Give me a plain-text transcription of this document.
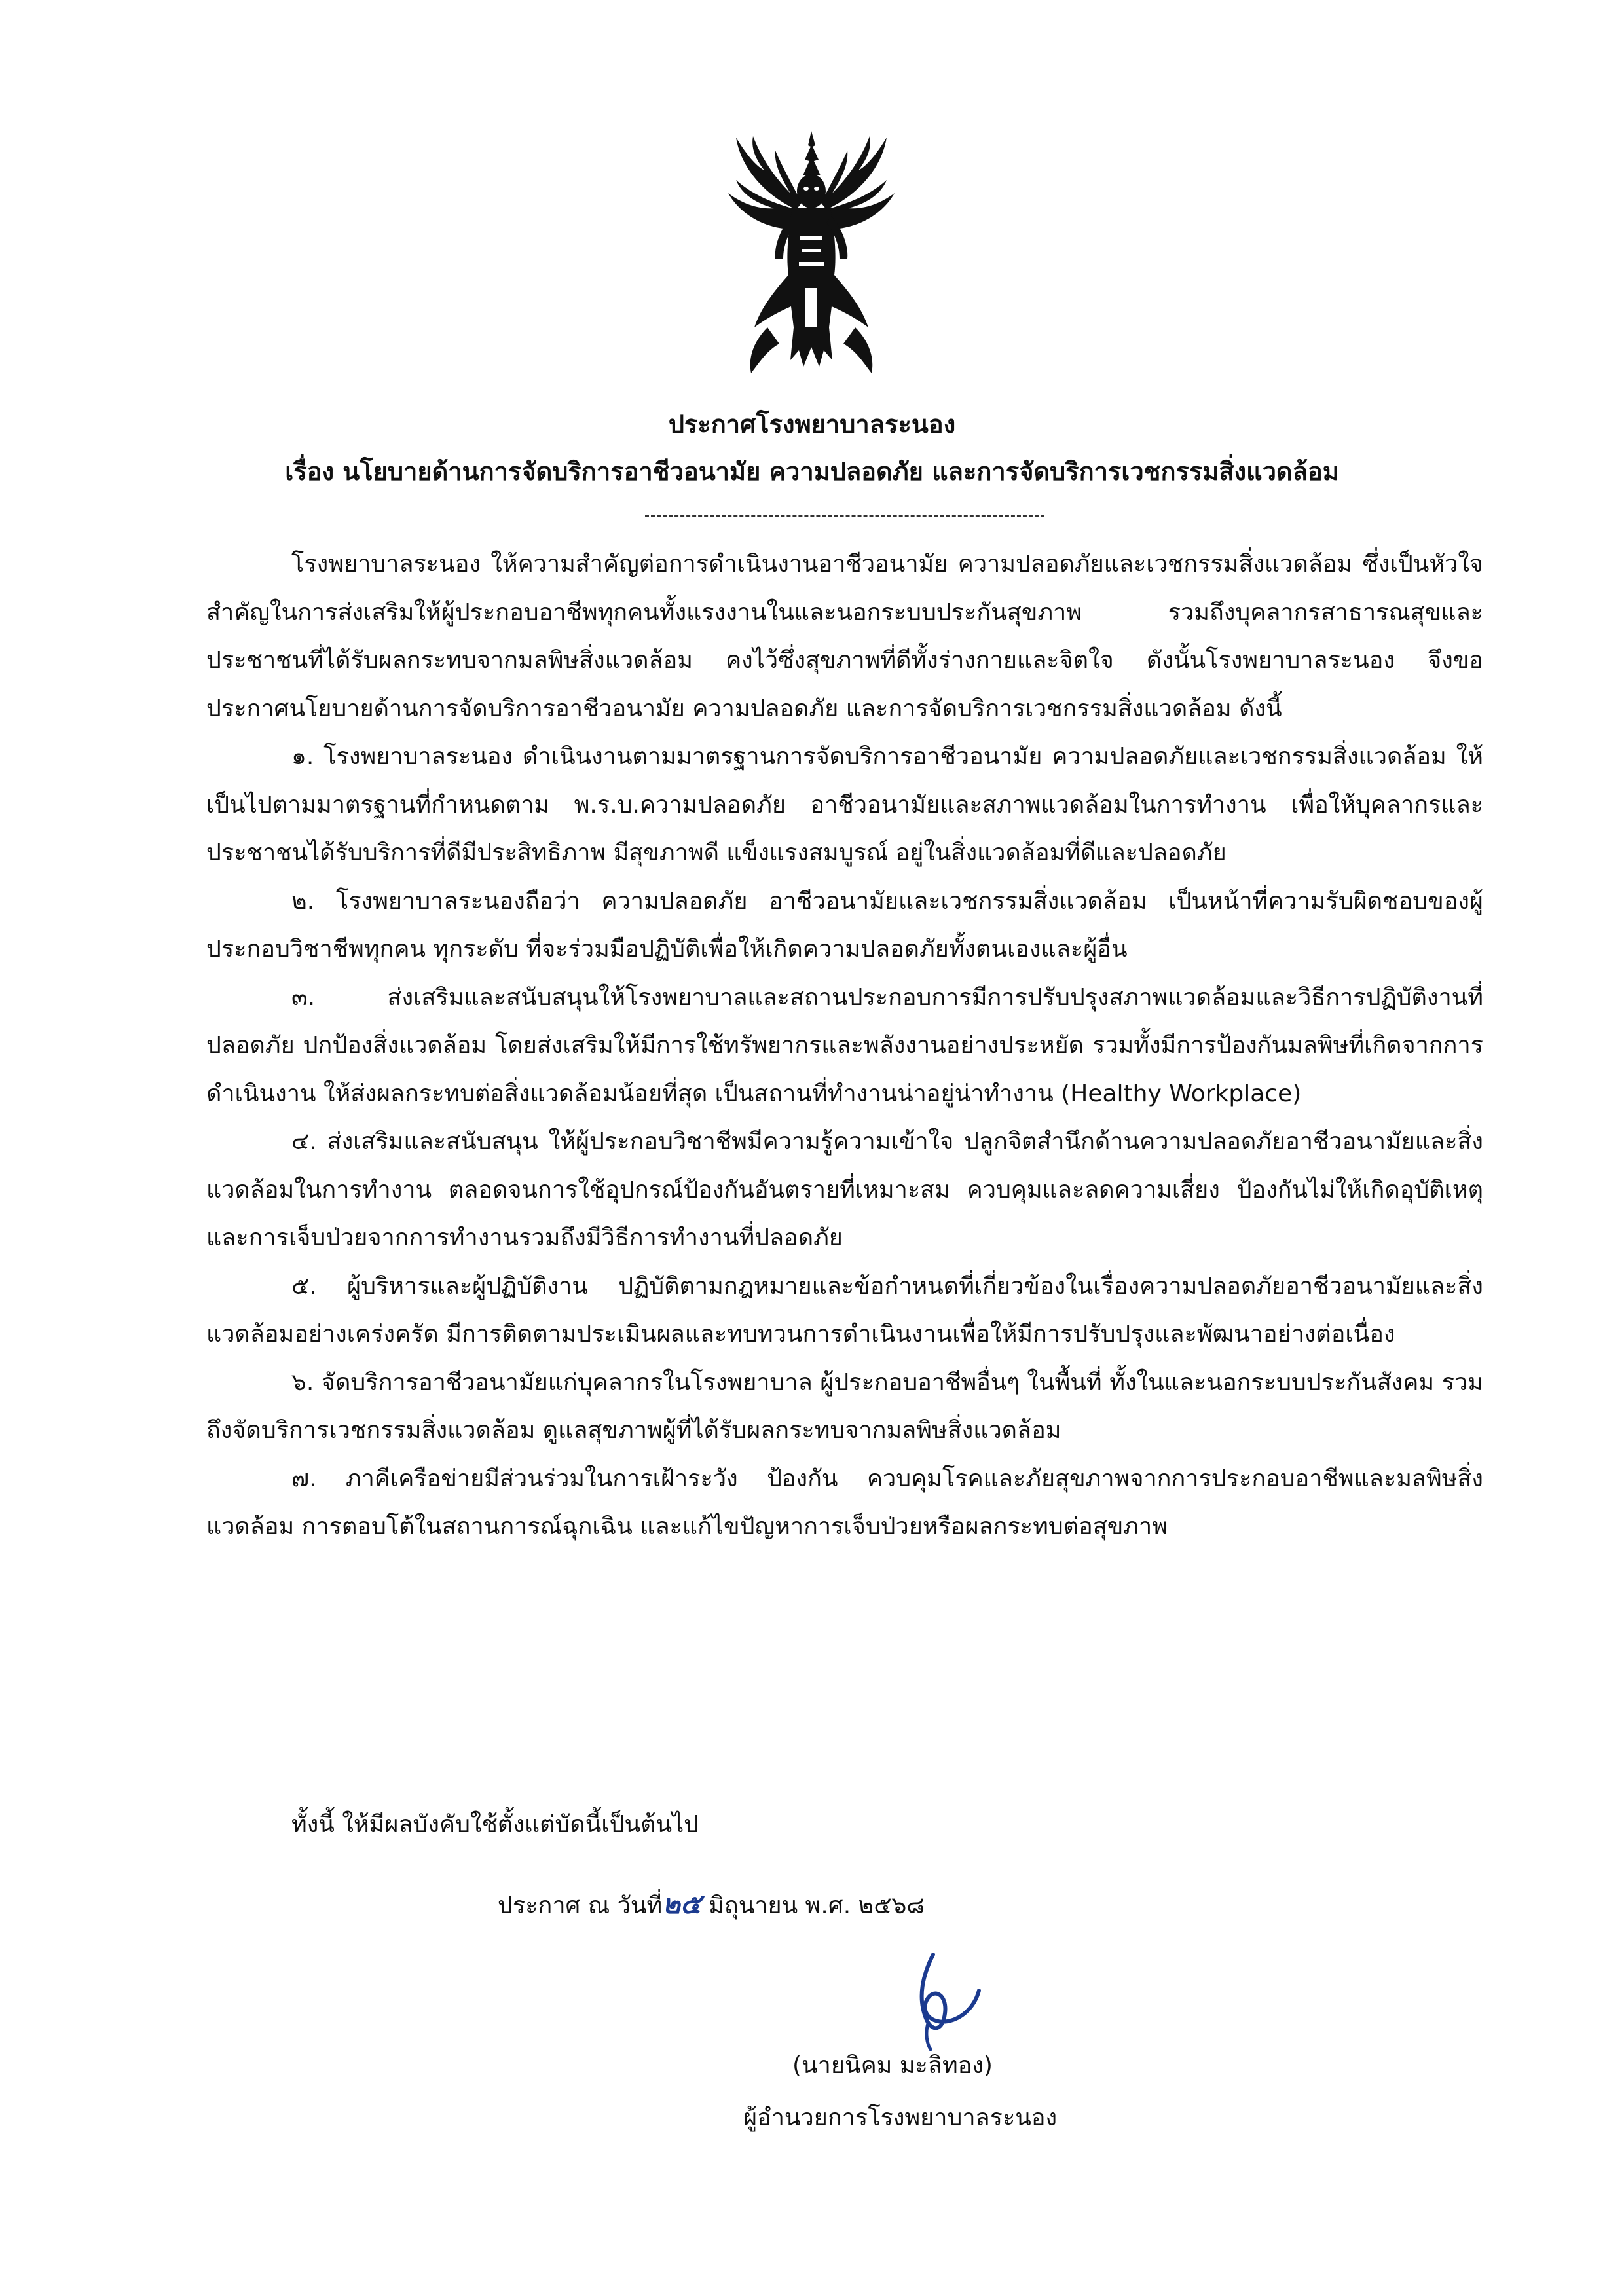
ประกาศโรงพยาบาลระนอง
เรื่อง นโยบายด้านการจัดบริการอาชีวอนามัย ความปลอดภัย และการจัดบริการเวชกรรมสิ่งแวดล้อม

โรงพยาบาลระนอง ให้ความสำคัญต่อการดำเนินงานอาชีวอนามัย ความปลอดภัยและเวชกรรมสิ่งแวดล้อม ซึ่งเป็นหัวใจสำคัญในการส่งเสริมให้ผู้ประกอบอาชีพทุกคนทั้งแรงงานในและนอกระบบประกันสุขภาพ รวมถึงบุคลากรสาธารณสุขและประชาชนที่ได้รับผลกระทบจากมลพิษสิ่งแวดล้อม คงไว้ซึ่งสุขภาพที่ดีทั้งร่างกายและจิตใจ ดังนั้นโรงพยาบาลระนอง จึงขอประกาศนโยบายด้านการจัดบริการอาชีวอนามัย ความปลอดภัย และการจัดบริการเวชกรรมสิ่งแวดล้อม ดังนี้

๑. โรงพยาบาลระนอง ดำเนินงานตามมาตรฐานการจัดบริการอาชีวอนามัย ความปลอดภัยและเวชกรรมสิ่งแวดล้อม ให้เป็นไปตามมาตรฐานที่กำหนดตาม พ.ร.บ.ความปลอดภัย อาชีวอนามัยและสภาพแวดล้อมในการทำงาน เพื่อให้บุคลากรและประชาชนได้รับบริการที่ดีมีประสิทธิภาพ มีสุขภาพดี แข็งแรงสมบูรณ์ อยู่ในสิ่งแวดล้อมที่ดีและปลอดภัย

๒. โรงพยาบาลระนองถือว่า ความปลอดภัย อาชีวอนามัยและเวชกรรมสิ่งแวดล้อม เป็นหน้าที่ความรับผิดชอบของผู้ประกอบวิชาชีพทุกคน ทุกระดับ ที่จะร่วมมือปฏิบัติเพื่อให้เกิดความปลอดภัยทั้งตนเองและผู้อื่น

๓. ส่งเสริมและสนับสนุนให้โรงพยาบาลและสถานประกอบการมีการปรับปรุงสภาพแวดล้อมและวิธีการปฏิบัติงานที่ปลอดภัย ปกป้องสิ่งแวดล้อม โดยส่งเสริมให้มีการใช้ทรัพยากรและพลังงานอย่างประหยัด รวมทั้งมีการป้องกันมลพิษที่เกิดจากการดำเนินงาน ให้ส่งผลกระทบต่อสิ่งแวดล้อมน้อยที่สุด เป็นสถานที่ทำงานน่าอยู่น่าทำงาน (Healthy Workplace)

๔. ส่งเสริมและสนับสนุน ให้ผู้ประกอบวิชาชีพมีความรู้ความเข้าใจ ปลูกจิตสำนึกด้านความปลอดภัยอาชีวอนามัยและสิ่งแวดล้อมในการทำงาน ตลอดจนการใช้อุปกรณ์ป้องกันอันตรายที่เหมาะสม ควบคุมและลดความเสี่ยง ป้องกันไม่ให้เกิดอุบัติเหตุและการเจ็บป่วยจากการทำงานรวมถึงมีวิธีการทำงานที่ปลอดภัย

๕. ผู้บริหารและผู้ปฏิบัติงาน ปฏิบัติตามกฎหมายและข้อกำหนดที่เกี่ยวข้องในเรื่องความปลอดภัยอาชีวอนามัยและสิ่งแวดล้อมอย่างเคร่งครัด มีการติดตามประเมินผลและทบทวนการดำเนินงานเพื่อให้มีการปรับปรุงและพัฒนาอย่างต่อเนื่อง

๖. จัดบริการอาชีวอนามัยแก่บุคลากรในโรงพยาบาล ผู้ประกอบอาชีพอื่นๆ ในพื้นที่ ทั้งในและนอกระบบประกันสังคม รวมถึงจัดบริการเวชกรรมสิ่งแวดล้อม ดูแลสุขภาพผู้ที่ได้รับผลกระทบจากมลพิษสิ่งแวดล้อม

๗. ภาคีเครือข่ายมีส่วนร่วมในการเฝ้าระวัง ป้องกัน ควบคุมโรคและภัยสุขภาพจากการประกอบอาชีพและมลพิษสิ่งแวดล้อม การตอบโต้ในสถานการณ์ฉุกเฉิน และแก้ไขปัญหาการเจ็บป่วยหรือผลกระทบต่อสุขภาพ

ทั้งนี้ ให้มีผลบังคับใช้ตั้งแต่บัดนี้เป็นต้นไป
ประกาศ ณ วันที่๒๕ มิถุนายน พ.ศ. ๒๕๖๘
(นายนิคม มะลิทอง)
ผู้อำนวยการโรงพยาบาลระนอง
